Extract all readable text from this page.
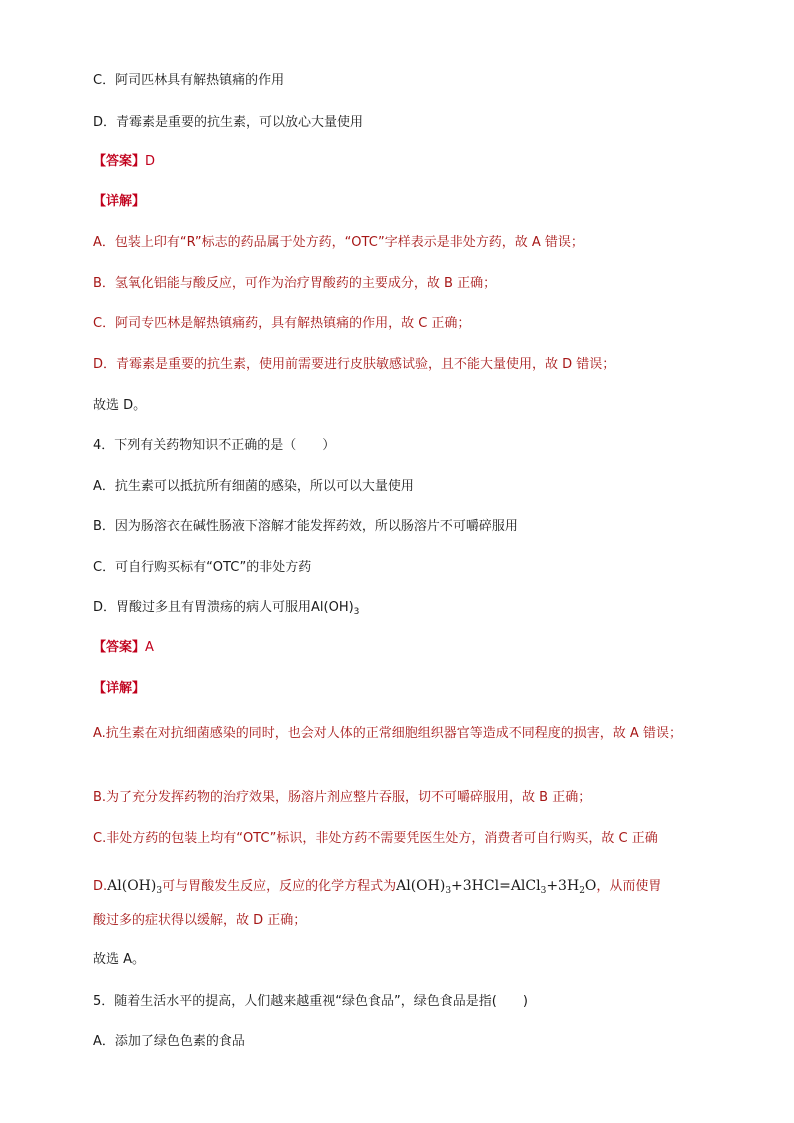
C．阿司匹林具有解热镇痛的作用
D．青霉素是重要的抗生素，可以放心大量使用
【答案】D
【详解】
A．包装上印有“R”标志的药品属于处方药，“OTC”字样表示是非处方药，故 A 错误；
B．氢氧化铝能与酸反应，可作为治疗胃酸药的主要成分，故 B 正确；
C．阿司专匹林是解热镇痛药，具有解热镇痛的作用，故 C 正确；
D．青霉素是重要的抗生素，使用前需要进行皮肤敏感试验，且不能大量使用，故 D 错误；
故选 D。
4．下列有关药物知识不正确的是（　　）
A．抗生素可以抵抗所有细菌的感染，所以可以大量使用
B．因为肠溶衣在碱性肠液下溶解才能发挥药效，所以肠溶片不可嚼碎服用
C．可自行购买标有“OTC”的非处方药
D．胃酸过多且有胃溃疡的病人可服用$Al(OH)_3$
【答案】A
【详解】
A.抗生素在对抗细菌感染的同时，也会对人体的正常细胞组织器官等造成不同程度的损害，故 A 错误；
B.为了充分发挥药物的治疗效果，肠溶片剂应整片吞服，切不可嚼碎服用，故 B 正确；
C.非处方药的包装上均有“OTC”标识，非处方药不需要凭医生处方，消费者可自行购买，故 C 正确
$D.Al(OH)_3$可与胃酸发生反应，反应的化学方程式为$Al(OH)_3+3HCl=AlCl_3+3H_2O$，从而使胃
酸过多的症状得以缓解，故 D 正确；
故选 A。
5．随着生活水平的提高，人们越来越重视“绿色食品”，绿色食品是指(　　)
A．添加了绿色色素的食品
